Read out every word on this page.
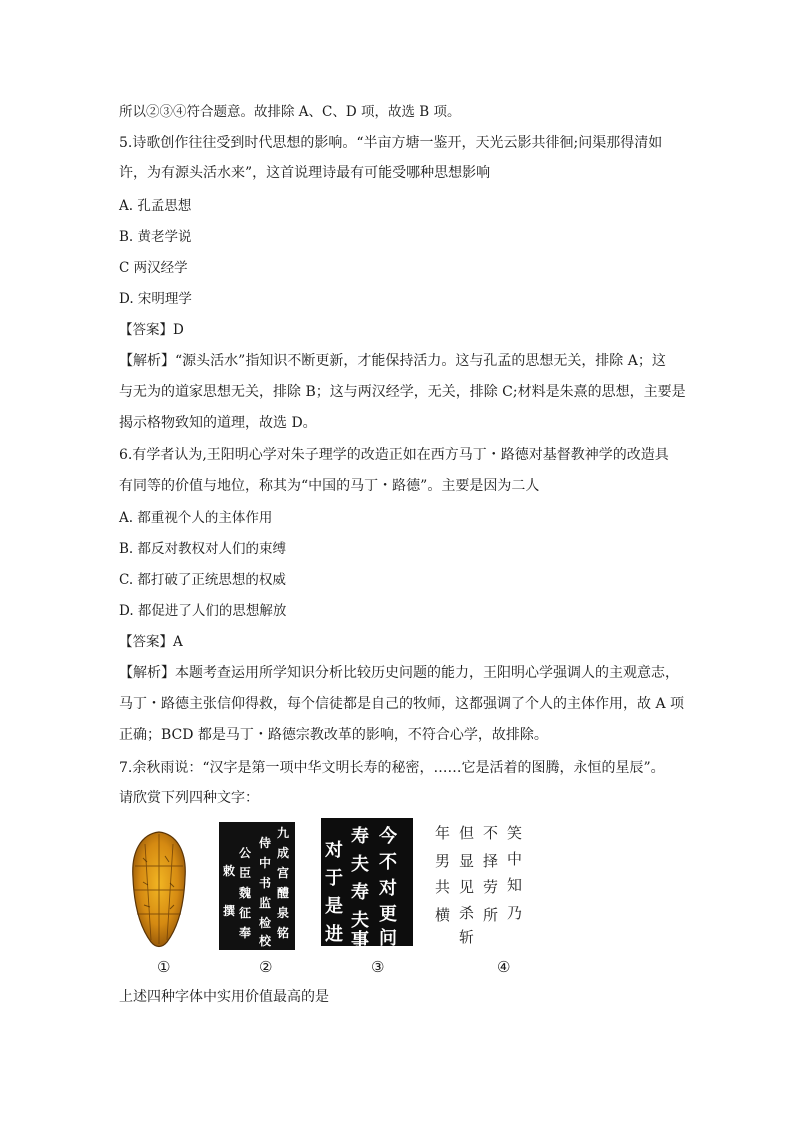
所以②③④符合题意。故排除 A、C、D 项，故选 B 项。
5.诗歌创作往往受到时代思想的影响。“半亩方塘一鉴开，天光云影共徘徊;问渠那得清如
许，为有源头活水来”，这首说理诗最有可能受哪种思想影响
A. 孔孟思想
B. 黄老学说
C 两汉经学
D. 宋明理学
【答案】D
【解析】“源头活水”指知识不断更新，才能保持活力。这与孔孟的思想无关，排除 A；这
与无为的道家思想无关，排除 B；这与两汉经学，无关，排除 C;材料是朱熹的思想，主要是
揭示格物致知的道理，故选 D。
6.有学者认为,王阳明心学对朱子理学的改造正如在西方马丁・路德对基督教神学的改造具
有同等的价值与地位，称其为“中国的马丁・路德”。主要是因为二人
A. 都重视个人的主体作用
B. 都反对教权对人们的束缚
C. 都打破了正统思想的权威
D. 都促进了人们的思想解放
【答案】A
【解析】本题考查运用所学知识分析比较历史问题的能力，王阳明心学强调人的主观意志，
马丁・路德主张信仰得救，每个信徒都是自己的牧师，这都强调了个人的主体作用，故 A 项
正确；BCD 都是马丁・路德宗教改革的影响，不符合心学，故排除。
7.余秋雨说：“汉字是第一项中华文明长寿的秘密，……它是活着的图腾，永恒的星辰”。
请欣赏下列四种文字：
①
九
成
宫
醴
泉
铭
侍
中
书
监
检
校
公
臣
魏
征
奉
敕
撰
②
对
于
是
进
寿
夫
寿
今
不
对
更
问
夫
事
③
笑
中
知
乃
不
择
劳
所
但
显
见
杀
年
男
共
横
斩
④
上述四种字体中实用价值最高的是
